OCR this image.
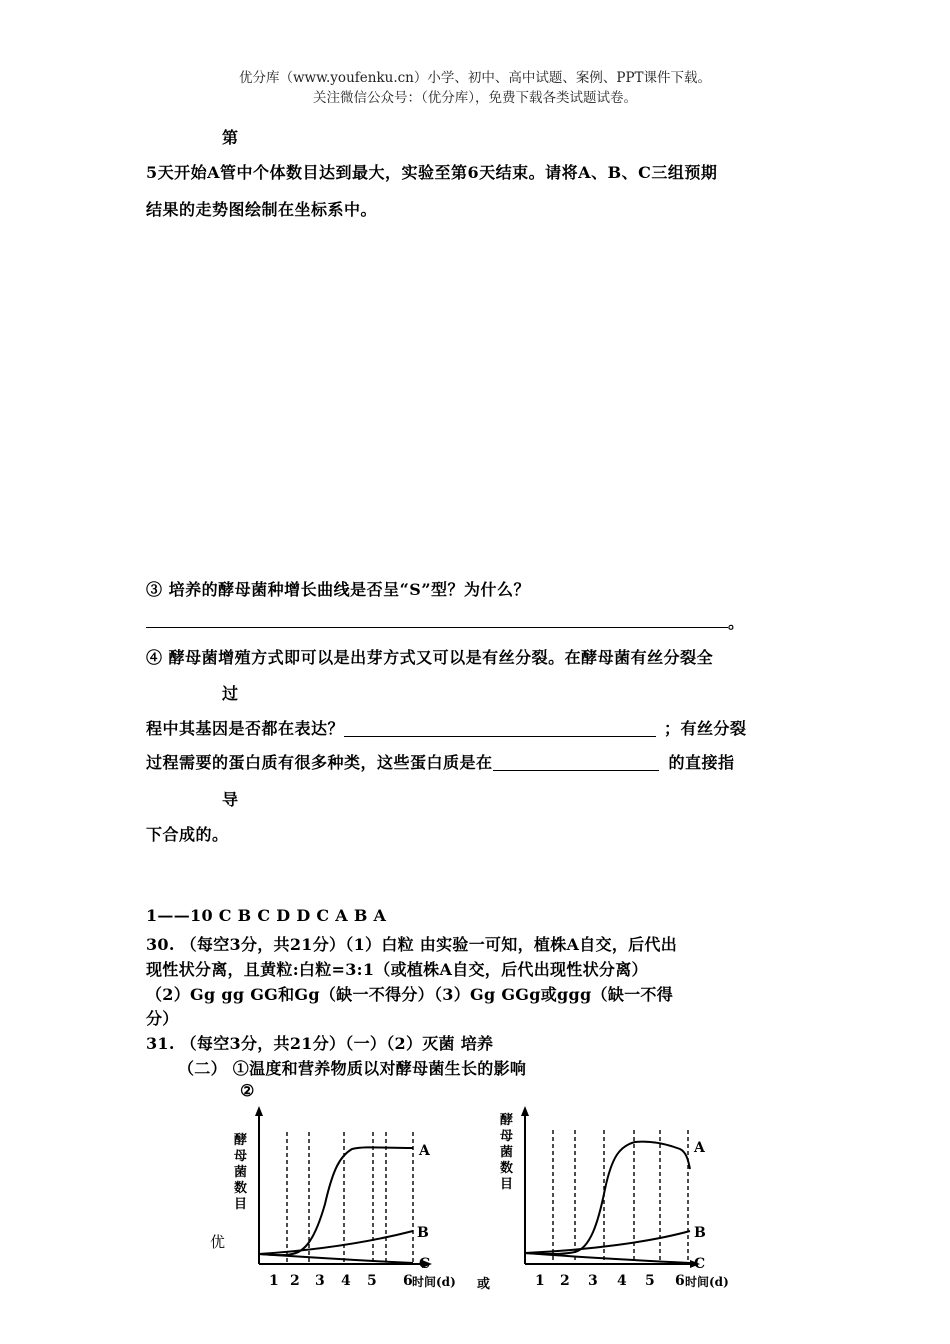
优分库（www.youfenku.cn）小学、初中、高中试题、案例、PPT课件下载。
关注微信公众号：（优分库），免费下载各类试题试卷。
第
5天开始A管中个体数目达到最大，实验至第6天结束。请将A、B、C三组预期
结果的走势图绘制在坐标系中。
③ 培养的酵母菌种增长曲线是否呈“S”型？为什么？
。
④ 酵母菌增殖方式即可以是出芽方式又可以是有丝分裂。在酵母菌有丝分裂全
过
程中其基因是否都在表达？	；有丝分裂
过程需要的蛋白质有很多种类，这些蛋白质是在	的直接指
导
下合成的。
1——10 C B C D D C A B A
30. （每空3分，共21分）（1）白粒 由实验一可知，植株A自交，后代出
现性状分离，且黄粒:白粒=3:1（或植株A自交，后代出现性状分离）
（2）Gg gg GG和Gg（缺一不得分）（3）Gg GGg或ggg（缺一不得
分）
31. （每空3分，共21分）（一）（2）灭菌 培养
（二） ①温度和营养物质以对酵母菌生长的影响
②
优
酵
母
菌
数
目
A
B
C
1 2 3 4 5 6 时间(d) 或
酵
母
菌
数
目
A
B
C
1 2 3 4 5 6 时间(d)
